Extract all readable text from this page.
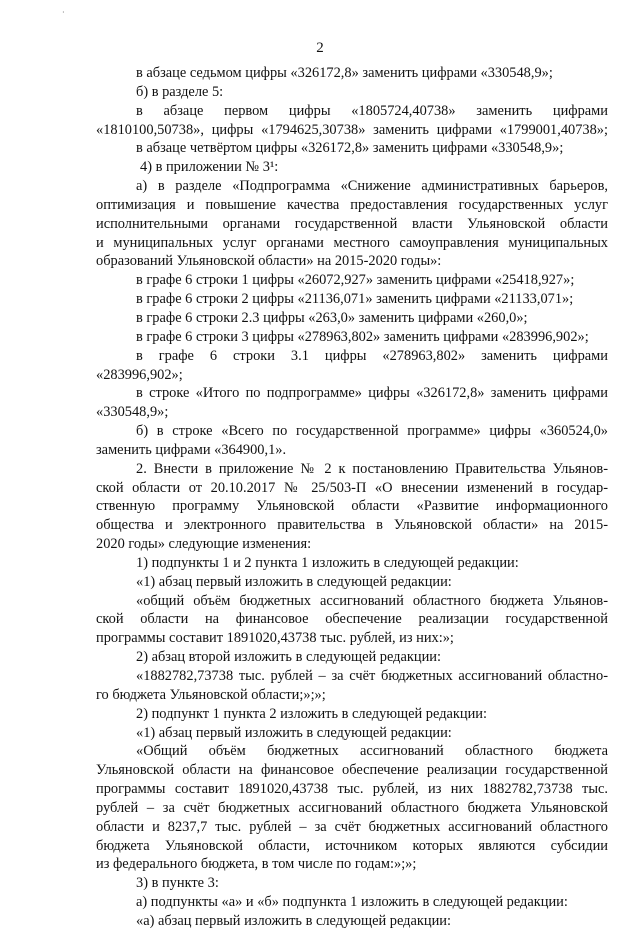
·
2
в абзаце седьмом цифры «326172,8» заменить цифрами «330548,9»;
б) в разделе 5:
в абзаце первом цифры «1805724,40738» заменить цифрами
«1810100,50738», цифры «1794625,30738» заменить цифрами «1799001,40738»;
в абзаце четвёртом цифры «326172,8» заменить цифрами «330548,9»;
4) в приложении № 3¹:
а) в разделе «Подпрограмма «Снижение административных барьеров,
оптимизация и повышение качества предоставления государственных услуг
исполнительными органами государственной власти Ульяновской области
и муниципальных услуг органами местного самоуправления муниципальных
образований Ульяновской области» на 2015-2020 годы»:
в графе 6 строки 1 цифры «26072,927» заменить цифрами «25418,927»;
в графе 6 строки 2 цифры «21136,071» заменить цифрами «21133,071»;
в графе 6 строки 2.3 цифры «263,0» заменить цифрами «260,0»;
в графе 6 строки 3 цифры «278963,802» заменить цифрами «283996,902»;
в графе 6 строки 3.1 цифры «278963,802» заменить цифрами
«283996,902»;
в строке «Итого по подпрограмме» цифры «326172,8» заменить цифрами
«330548,9»;
б) в строке «Всего по государственной программе» цифры «360524,0»
заменить цифрами «364900,1».
2. Внести в приложение № 2 к постановлению Правительства Ульянов-
ской области от 20.10.2017 № 25/503-П «О внесении изменений в государ-
ственную программу Ульяновской области «Развитие информационного
общества и электронного правительства в Ульяновской области» на 2015-
2020 годы» следующие изменения:
1) подпункты 1 и 2 пункта 1 изложить в следующей редакции:
«1) абзац первый изложить в следующей редакции:
«общий объём бюджетных ассигнований областного бюджета Ульянов-
ской области на финансовое обеспечение реализации государственной
программы составит 1891020,43738 тыс. рублей, из них:»;
2) абзац второй изложить в следующей редакции:
«1882782,73738 тыс. рублей – за счёт бюджетных ассигнований областно-
го бюджета Ульяновской области;»;»;
2) подпункт 1 пункта 2 изложить в следующей редакции:
«1) абзац первый изложить в следующей редакции:
«Общий объём бюджетных ассигнований областного бюджета
Ульяновской области на финансовое обеспечение реализации государственной
программы составит 1891020,43738 тыс. рублей, из них 1882782,73738 тыс.
рублей – за счёт бюджетных ассигнований областного бюджета Ульяновской
области и 8237,7 тыс. рублей – за счёт бюджетных ассигнований областного
бюджета Ульяновской области, источником которых являются субсидии
из федерального бюджета, в том числе по годам:»;»;
3) в пункте 3:
а) подпункты «а» и «б» подпункта 1 изложить в следующей редакции:
«а) абзац первый изложить в следующей редакции:
